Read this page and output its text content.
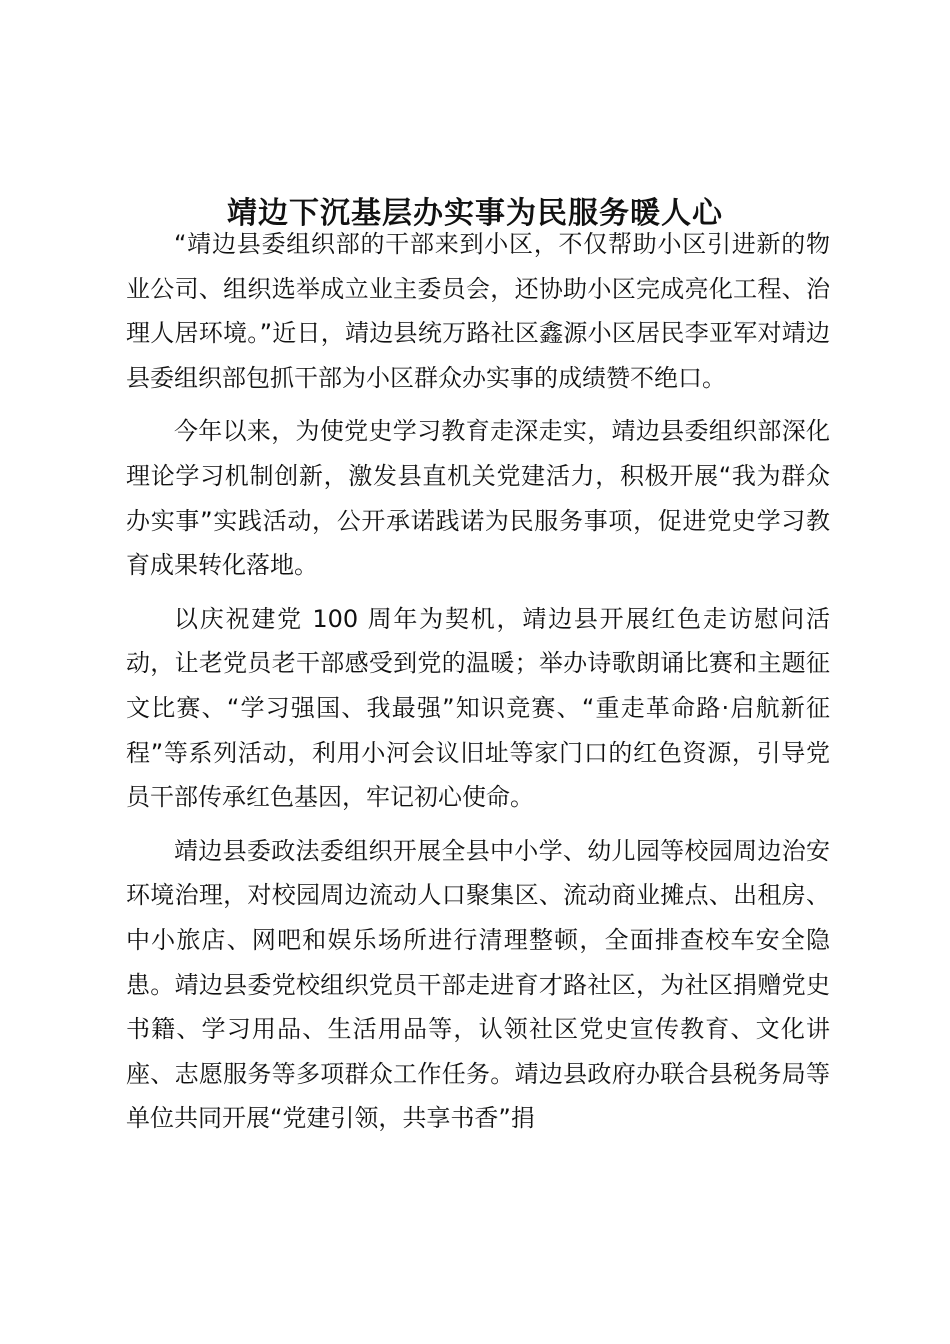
靖边下沉基层办实事为民服务暖人心

“靖边县委组织部的干部来到小区，不仅帮助小区引进新的物业公司、组织选举成立业主委员会，还协助小区完成亮化工程、治理人居环境。”近日，靖边县统万路社区鑫源小区居民李亚军对靖边县委组织部包抓干部为小区群众办实事的成绩赞不绝口。

今年以来，为使党史学习教育走深走实，靖边县委组织部深化理论学习机制创新，激发县直机关党建活力，积极开展“我为群众办实事”实践活动，公开承诺践诺为民服务事项，促进党史学习教育成果转化落地。

以庆祝建党 100 周年为契机，靖边县开展红色走访慰问活动，让老党员老干部感受到党的温暖；举办诗歌朗诵比赛和主题征文比赛、“学习强国、我最强”知识竞赛、“重走革命路·启航新征程”等系列活动，利用小河会议旧址等家门口的红色资源，引导党员干部传承红色基因，牢记初心使命。

靖边县委政法委组织开展全县中小学、幼儿园等校园周边治安环境治理，对校园周边流动人口聚集区、流动商业摊点、出租房、中小旅店、网吧和娱乐场所进行清理整顿，全面排查校车安全隐患。靖边县委党校组织党员干部走进育才路社区，为社区捐赠党史书籍、学习用品、生活用品等，认领社区党史宣传教育、文化讲座、志愿服务等多项群众工作任务。靖边县政府办联合县税务局等单位共同开展“党建引领，共享书香”捐
